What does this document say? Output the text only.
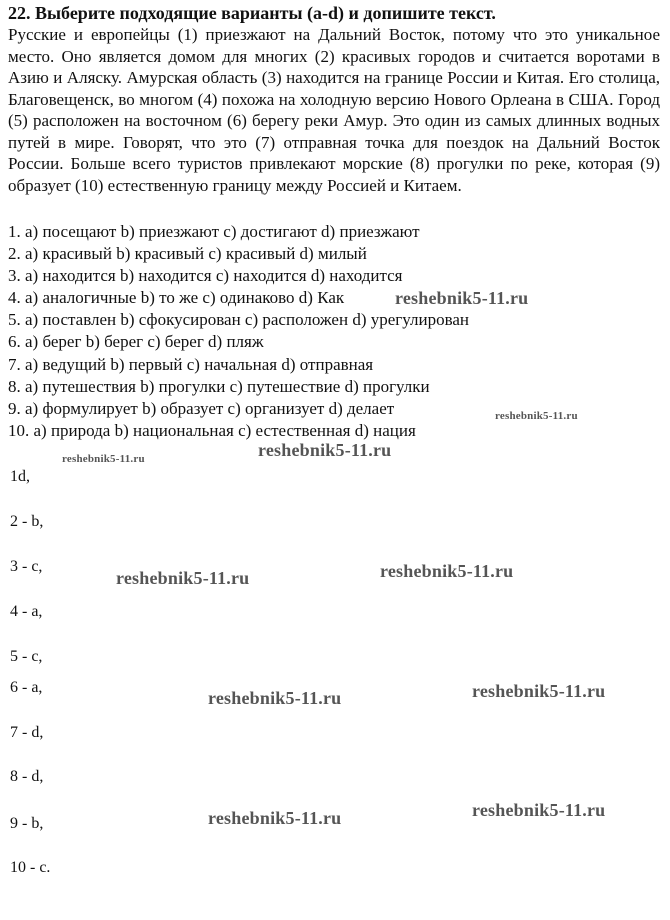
22. Выберите подходящие варианты (a-d) и допишите текст.

Русские и европейцы (1) приезжают на Дальний Восток, потому что это уникальное место. Оно является домом для многих (2) красивых городов и считается воротами в Азию и Аляску. Амурская область (3) находится на границе России и Китая. Его столица, Благовещенск, во многом (4) похожа на холодную версию Нового Орлеана в США. Город (5) расположен на восточном (6) берегу реки Амур. Это один из самых длинных водных путей в мире. Говорят, что это (7) отправная точка для поездок на Дальний Восток России. Больше всего туристов привлекают морские (8) прогулки по реке, которая (9) образует (10) естественную границу между Россией и Китаем.

1. a) посещают b) приезжают c) достигают d) приезжают
2. a) красивый b) красивый c) красивый d) милый
3. a) находится b) находится c) находится d) находится
4. a) аналогичные b) то же c) одинаково d) Как
5. a) поставлен b) сфокусирован c) расположен d) урегулирован
6. a) берег b) берег c) берег d) пляж
7. a) ведущий b) первый c) начальная d) отправная
8. a) путешествия b) прогулки c) путешествие d) прогулки
9. a) формулирует b) образует c) организует d) делает
10. a) природа b) национальная c) естественная d) нация
1d,
2 - b,
3 - c,
4 - a,
5 - c,
6 - a,
7 - d,
8 - d,
9 - b,
10 - c.
reshebnik5-11.ru
reshebnik5-11.ru
reshebnik5-11.ru
reshebnik5-11.ru
reshebnik5-11.ru	reshebnik5-11.ru
reshebnik5-11.ru	reshebnik5-11.ru
reshebnik5-11.ru	reshebnik5-11.ru
